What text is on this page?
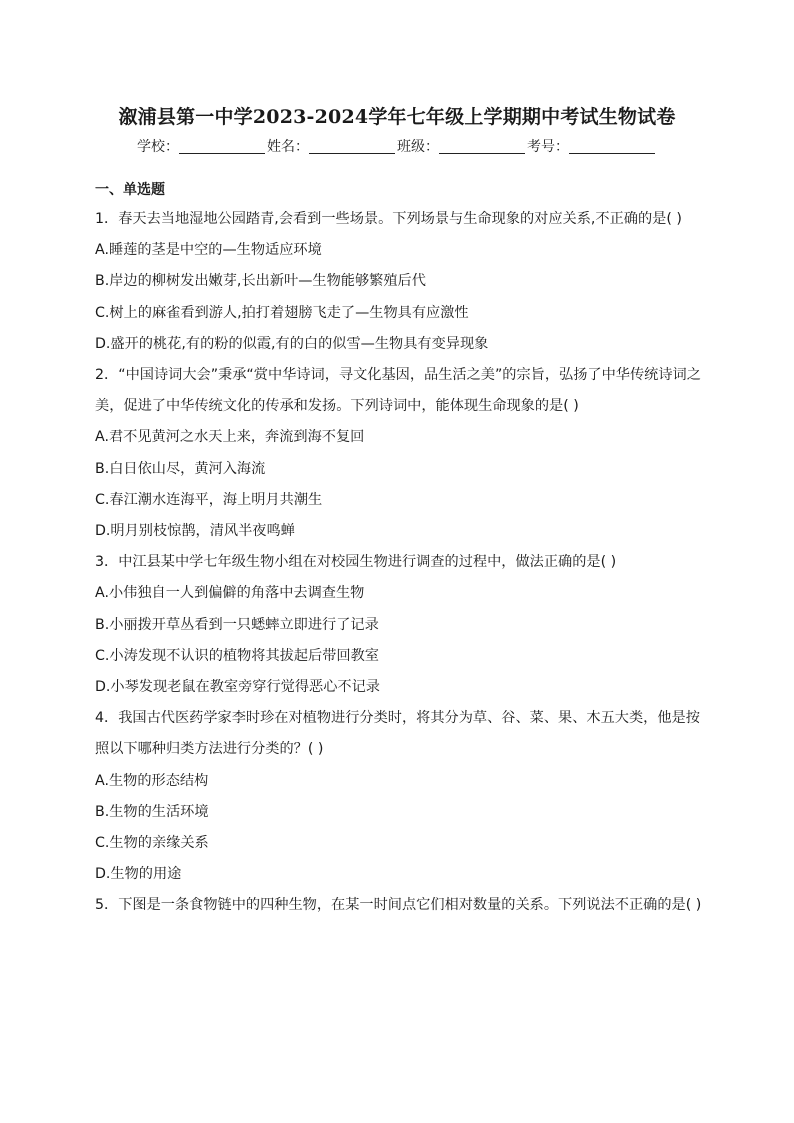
溆浦县第一中学2023-2024学年七年级上学期期中考试生物试卷
学校：	姓名：	班级：	考号：
一、单选题

1．春天去当地湿地公园踏青,会看到一些场景。下列场景与生命现象的对应关系,不正确的是( )

A.睡莲的茎是中空的—生物适应环境

B.岸边的柳树发出嫩芽,长出新叶—生物能够繁殖后代

C.树上的麻雀看到游人,拍打着翅膀飞走了—生物具有应激性

D.盛开的桃花,有的粉的似霞,有的白的似雪—生物具有变异现象

2．“中国诗词大会”秉承“赏中华诗词，寻文化基因，品生活之美”的宗旨，弘扬了中华传统诗词之美，促进了中华传统文化的传承和发扬。下列诗词中，能体现生命现象的是( )

A.君不见黄河之水天上来，奔流到海不复回

B.白日依山尽，黄河入海流

C.春江潮水连海平，海上明月共潮生

D.明月别枝惊鹊，清风半夜鸣蝉

3．中江县某中学七年级生物小组在对校园生物进行调查的过程中，做法正确的是( )

A.小伟独自一人到偏僻的角落中去调查生物

B.小丽拨开草丛看到一只蟋蟀立即进行了记录

C.小涛发现不认识的植物将其拔起后带回教室

D.小琴发现老鼠在教室旁穿行觉得恶心不记录

4．我国古代医药学家李时珍在对植物进行分类时，将其分为草、谷、菜、果、木五大类，他是按照以下哪种归类方法进行分类的？( )

A.生物的形态结构

B.生物的生活环境

C.生物的亲缘关系

D.生物的用途

5．下图是一条食物链中的四种生物，在某一时间点它们相对数量的关系。下列说法不正确的是( )
